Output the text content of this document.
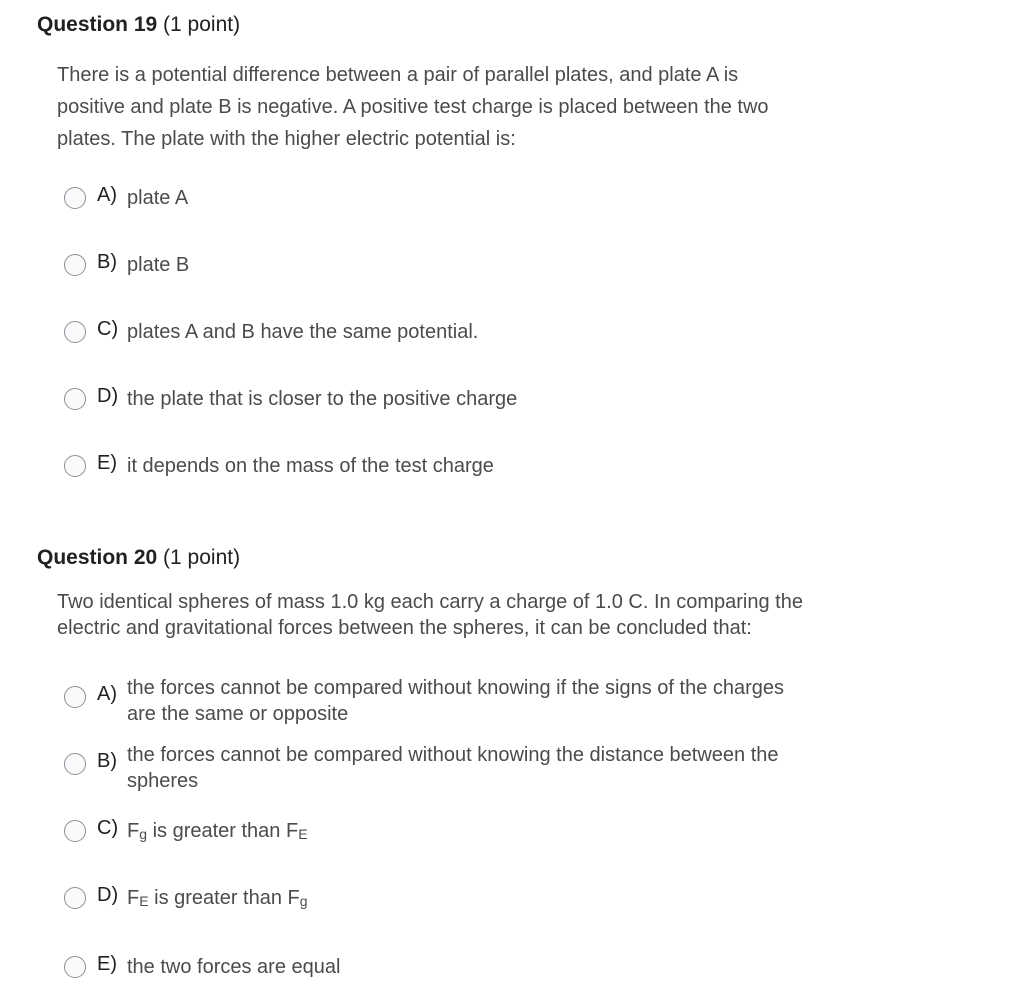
Question 19 (1 point)
There is a potential difference between a pair of parallel plates, and plate A is
positive and plate B is negative. A positive test charge is placed between the two
plates. The plate with the higher electric potential is:
A) plate A
B) plate B
C) plates A and B have the same potential.
D) the plate that is closer to the positive charge
E) it depends on the mass of the test charge
Question 20 (1 point)
Two identical spheres of mass 1.0 kg each carry a charge of 1.0 C. In comparing the
electric and gravitational forces between the spheres, it can be concluded that:
A) the forces cannot be compared without knowing if the signs of the charges
are the same or opposite
B) the forces cannot be compared without knowing the distance between the
spheres
C) $F_g$ is greater than $F_E$
D) $F_E$ is greater than $F_g$
E) the two forces are equal
